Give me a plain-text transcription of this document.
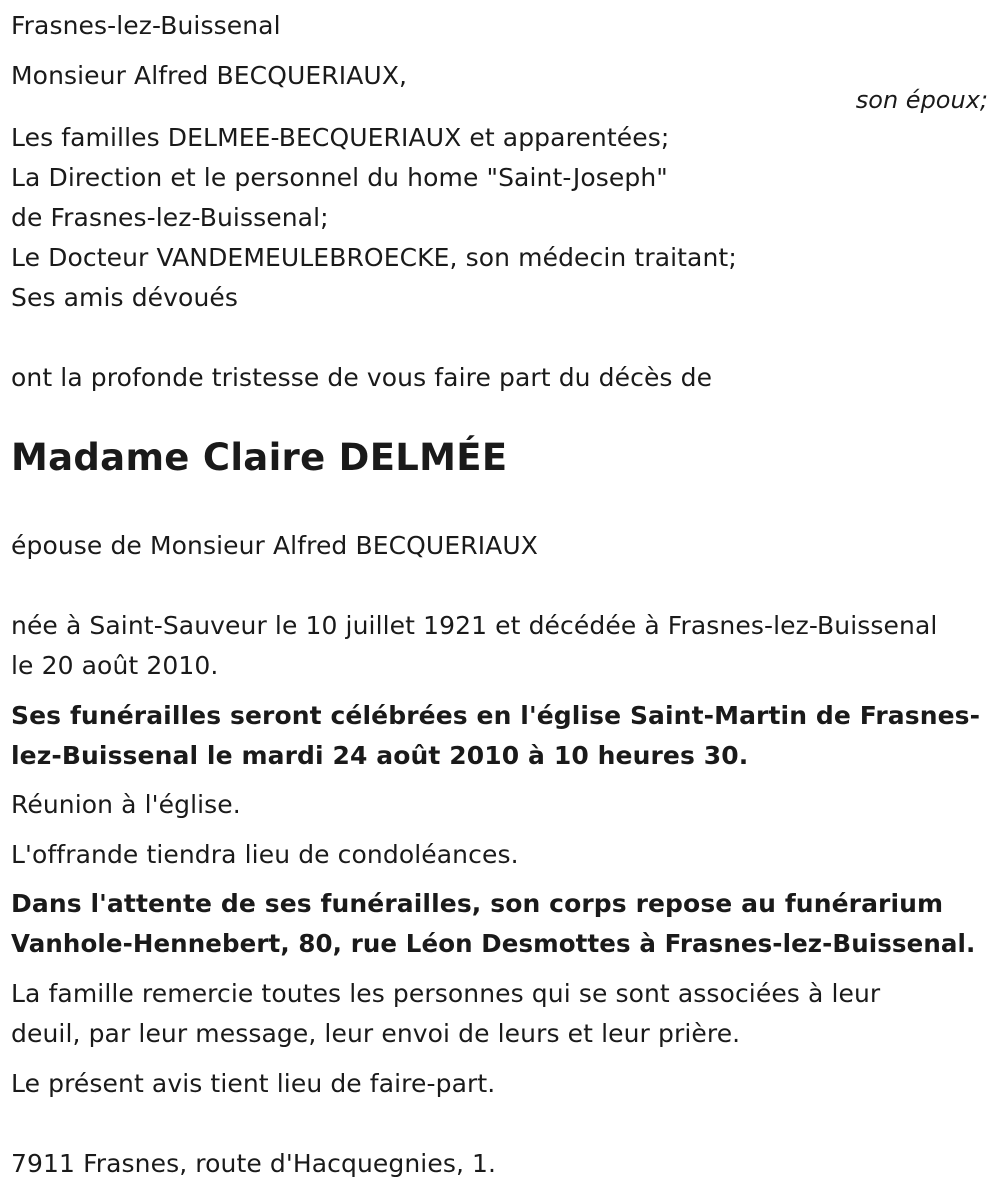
Frasnes-lez-Buissenal
Monsieur Alfred BECQUERIAUX,
son époux;
Les familles DELMEE-BECQUERIAUX et apparentées;
La Direction et le personnel du home "Saint-Joseph"
de Frasnes-lez-Buissenal;
Le Docteur VANDEMEULEBROECKE, son médecin traitant;
Ses amis dévoués
ont la profonde tristesse de vous faire part du décès de
Madame Claire DELMÉE
épouse de Monsieur Alfred BECQUERIAUX
née à Saint-Sauveur le 10 juillet 1921 et décédée à Frasnes-lez-Buissenal
le 20 août 2010.
Ses funérailles seront célébrées en l'église Saint-Martin de Frasnes-
lez-Buissenal le mardi 24 août 2010 à 10 heures 30.
Réunion à l'église.
L'offrande tiendra lieu de condoléances.
Dans l'attente de ses funérailles, son corps repose au funérarium
Vanhole-Hennebert, 80, rue Léon Desmottes à Frasnes-lez-Buissenal.
La famille remercie toutes les personnes qui se sont associées à leur
deuil, par leur message, leur envoi de leurs et leur prière.
Le présent avis tient lieu de faire-part.
7911 Frasnes, route d'Hacquegnies, 1.
